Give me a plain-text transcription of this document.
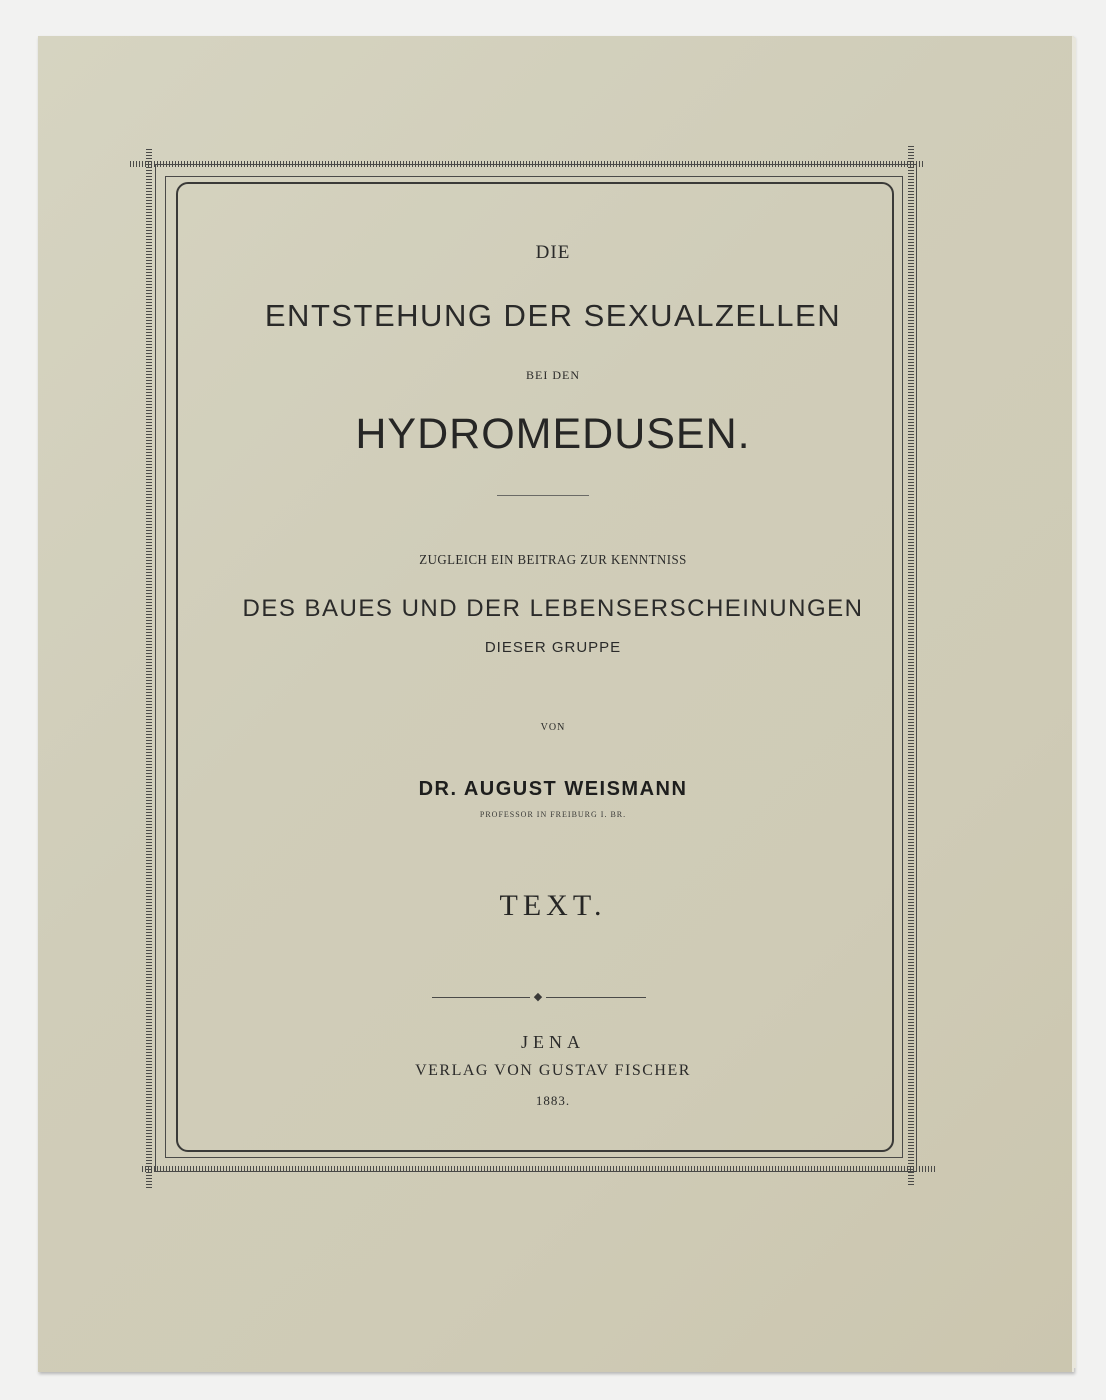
DIE
ENTSTEHUNG DER SEXUALZELLEN
BEI DEN
HYDROMEDUSEN.
ZUGLEICH EIN BEITRAG ZUR KENNTNISS
DES BAUES UND DER LEBENSERSCHEINUNGEN
DIESER GRUPPE
VON
DR. AUGUST WEISMANN
PROFESSOR IN FREIBURG I. BR.
TEXT.
◆
JENA
VERLAG VON GUSTAV FISCHER
1883.
